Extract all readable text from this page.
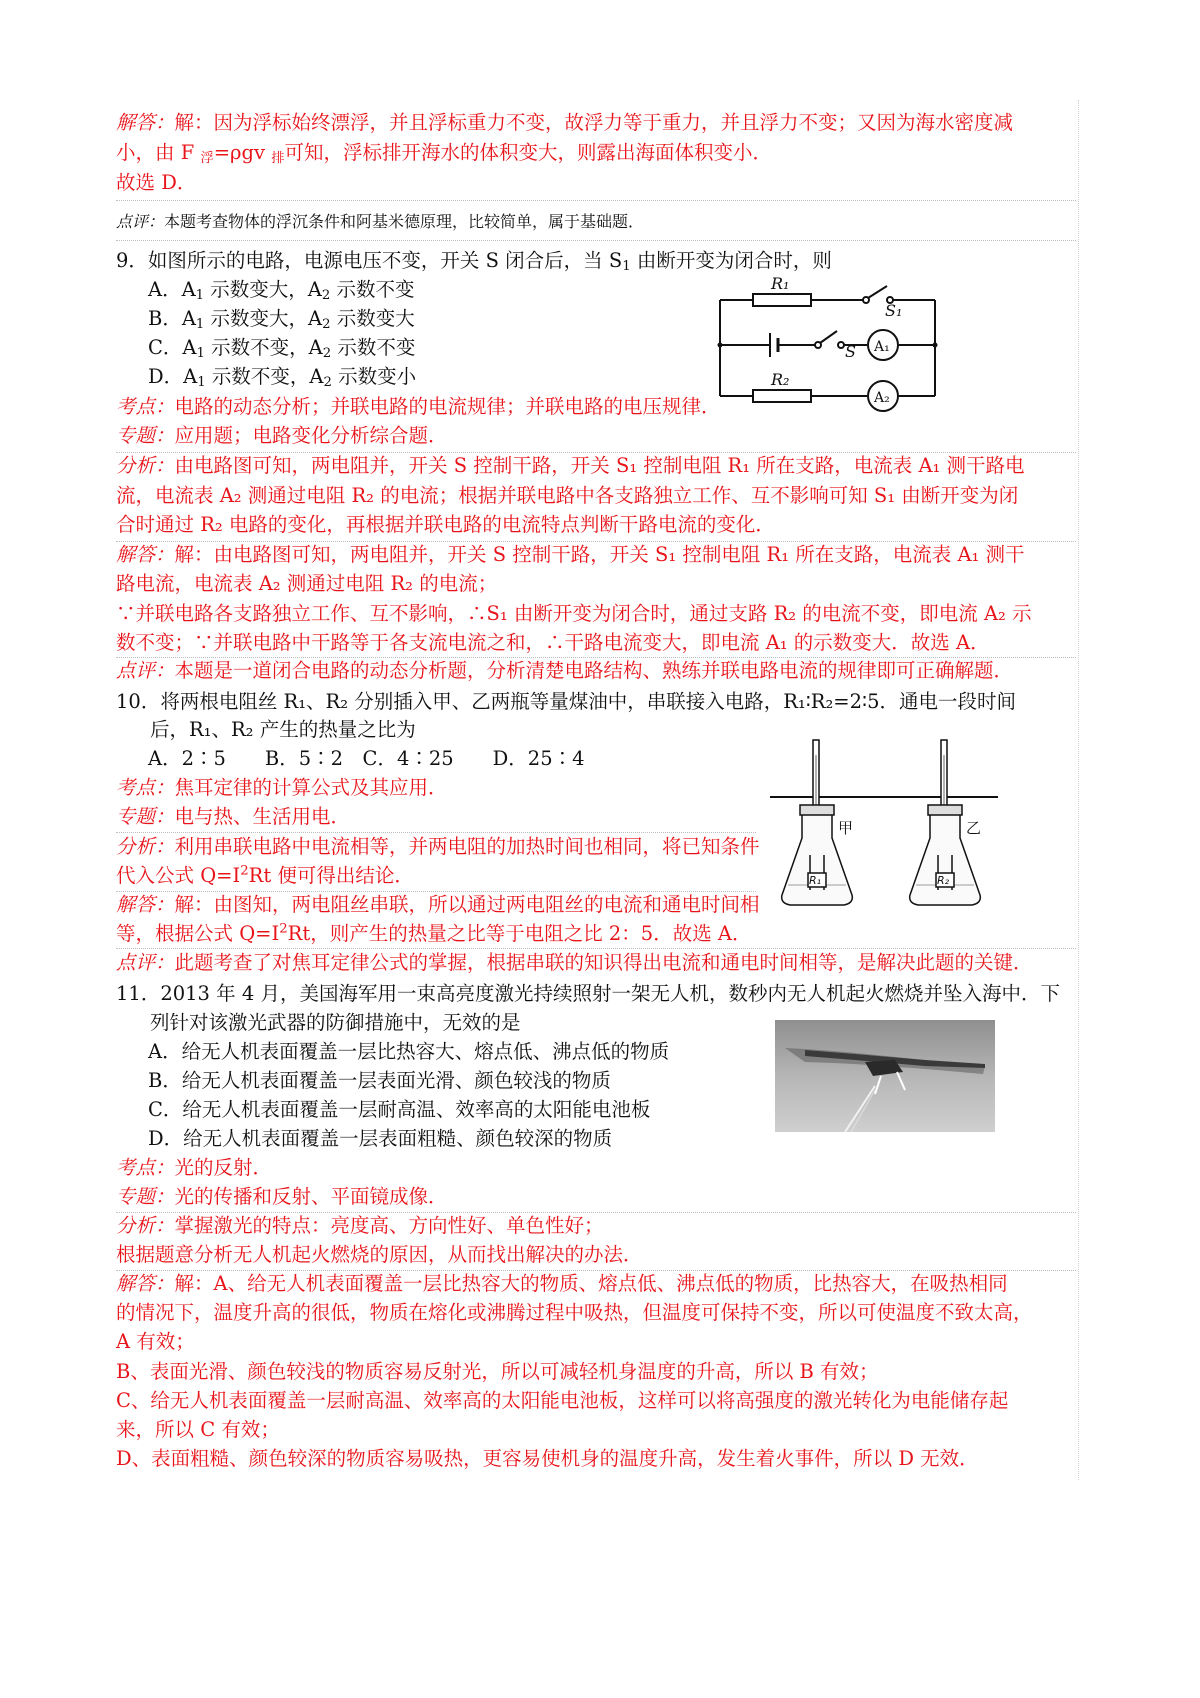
解答：解：因为浮标始终漂浮，并且浮标重力不变，故浮力等于重力，并且浮力不变；又因为海水密度减
小，由 F $_浮$=ρgv $_排$可知，浮标排开海水的体积变大，则露出海面体积变小．
故选 D．
点评：本题考查物体的浮沉条件和阿基米德原理，比较简单，属于基础题．
9．如图所示的电路，电源电压不变，开关 S 闭合后，当 $S_1$ 由断开变为闭合时，则
A．$A_1$ 示数变大，$A_2$ 示数不变
B．$A_1$ 示数变大，$A_2$ 示数变大
C．$A_1$ 示数不变，$A_2$ 示数不变
D．$A_1$ 示数不变，$A_2$ 示数变小
R₁
R₂
S₁
S A₁
A₂
考点：电路的动态分析；并联电路的电流规律；并联电路的电压规律．
专题：应用题；电路变化分析综合题．
分析：由电路图可知，两电阻并，开关 S 控制干路，开关 S₁ 控制电阻 R₁ 所在支路，电流表 A₁ 测干路电
流，电流表 A₂ 测通过电阻 R₂ 的电流；根据并联电路中各支路独立工作、互不影响可知 S₁ 由断开变为闭
合时通过 R₂ 电路的变化，再根据并联电路的电流特点判断干路电流的变化．
解答：解：由电路图可知，两电阻并，开关 S 控制干路，开关 S₁ 控制电阻 R₁ 所在支路，电流表 A₁ 测干
路电流，电流表 A₂ 测通过电阻 R₂ 的电流；
∵并联电路各支路独立工作、互不影响，∴S₁ 由断开变为闭合时，通过支路 R₂ 的电流不变，即电流 A₂ 示
数不变；∵并联电路中干路等于各支流电流之和，∴干路电流变大，即电流 A₁ 的示数变大．故选 A．
点评：本题是一道闭合电路的动态分析题，分析清楚电路结构、熟练并联电路电流的规律即可正确解题．
10．将两根电阻丝 R₁、R₂ 分别插入甲、乙两瓶等量煤油中，串联接入电路，R₁∶R₂=2∶5．通电一段时间
后，R₁、R₂ 产生的热量之比为
A．2∶5　　B．5∶2　C．4∶25　　D．25∶4
甲	乙
R₁	R₂
考点：焦耳定律的计算公式及其应用．
专题：电与热、生活用电．
分析：利用串联电路中电流相等，并两电阻的加热时间也相同，将已知条件
代入公式 $Q=I^2Rt$ 便可得出结论．
解答：解：由图知，两电阻丝串联，所以通过两电阻丝的电流和通电时间相
等，根据公式 $Q=I^2Rt$，则产生的热量之比等于电阻之比 2：5．故选 A．
点评：此题考查了对焦耳定律公式的掌握，根据串联的知识得出电流和通电时间相等，是解决此题的关键．
11．2013 年 4 月，美国海军用一束高亮度激光持续照射一架无人机，数秒内无人机起火燃烧并坠入海中．下
列针对该激光武器的防御措施中，无效的是
A．给无人机表面覆盖一层比热容大、熔点低、沸点低的物质
B．给无人机表面覆盖一层表面光滑、颜色较浅的物质
C．给无人机表面覆盖一层耐高温、效率高的太阳能电池板
D．给无人机表面覆盖一层表面粗糙、颜色较深的物质
考点：光的反射．
专题：光的传播和反射、平面镜成像．
分析：掌握激光的特点：亮度高、方向性好、单色性好；
根据题意分析无人机起火燃烧的原因，从而找出解决的办法．
解答：解：A、给无人机表面覆盖一层比热容大的物质、熔点低、沸点低的物质，比热容大，在吸热相同
的情况下，温度升高的很低，物质在熔化或沸腾过程中吸热，但温度可保持不变，所以可使温度不致太高，
A 有效；
B、表面光滑、颜色较浅的物质容易反射光，所以可减轻机身温度的升高，所以 B 有效；
C、给无人机表面覆盖一层耐高温、效率高的太阳能电池板，这样可以将高强度的激光转化为电能储存起
来，所以 C 有效；
D、表面粗糙、颜色较深的物质容易吸热，更容易使机身的温度升高，发生着火事件，所以 D 无效．
